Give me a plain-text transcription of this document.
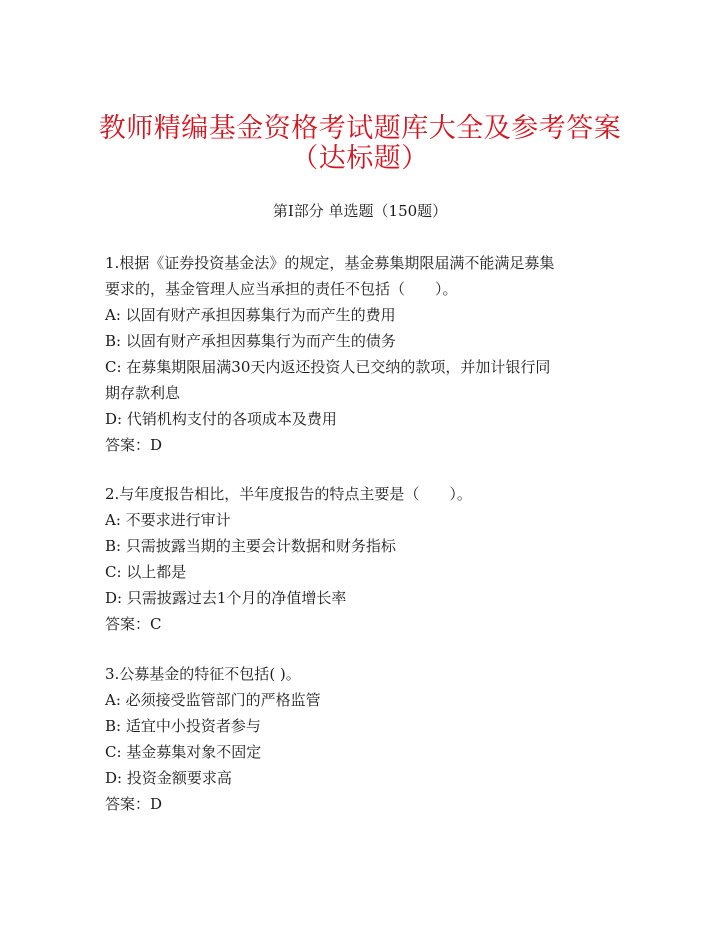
教师精编基金资格考试题库大全及参考答案
（达标题）
第Ⅰ部分 单选题（150题）
1.根据《证券投资基金法》的规定，基金募集期限届满不能满足募集
要求的，基金管理人应当承担的责任不包括（　　）。
A: 以固有财产承担因募集行为而产生的费用
B: 以固有财产承担因募集行为而产生的债务
C: 在募集期限届满30天内返还投资人已交纳的款项，并加计银行同
期存款利息
D: 代销机构支付的各项成本及费用
答案：D
2.与年度报告相比，半年度报告的特点主要是（　　）。
A: 不要求进行审计
B: 只需披露当期的主要会计数据和财务指标
C: 以上都是
D: 只需披露过去1个月的净值增长率
答案：C
3.公募基金的特征不包括( )。
A: 必须接受监管部门的严格监管
B: 适宜中小投资者参与
C: 基金募集对象不固定
D: 投资金额要求高
答案：D
